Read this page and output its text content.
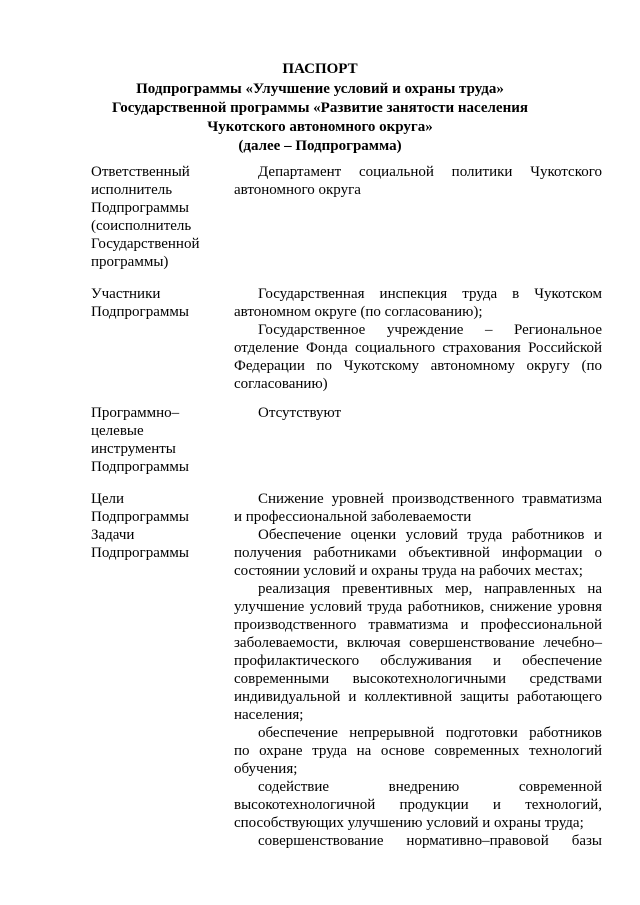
ПАСПОРТ
Подпрограммы «Улучшение условий и охраны труда»
Государственной программы «Развитие занятости населения
Чукотского автономного округа»
(далее – Подпрограмма)
Ответственный
исполнитель
Подпрограммы
(соисполнитель
Государственной
программы)
Департамент социальной политики Чукотского
автономного округа
Участники
Подпрограммы
Государственная инспекция труда в Чукотском
автономном округе (по согласованию);
Государственное учреждение – Региональное
отделение Фонда социального страхования Российской
Федерации по Чукотскому автономному округу (по
согласованию)
Программно–
целевые
инструменты
Подпрограммы
Отсутствуют
Цели
Подпрограммы
Задачи
Подпрограммы
Снижение уровней производственного травматизма
и профессиональной заболеваемости
Обеспечение оценки условий труда работников и
получения работниками объективной информации о
состоянии условий и охраны труда на рабочих местах;
реализация превентивных мер, направленных на
улучшение условий труда работников, снижение уровня
производственного травматизма и профессиональной
заболеваемости, включая совершенствование лечебно–
профилактического обслуживания и обеспечение
современными высокотехнологичными средствами
индивидуальной и коллективной защиты работающего
населения;
обеспечение непрерывной подготовки работников
по охране труда на основе современных технологий
обучения;
содействие внедрению современной
высокотехнологичной продукции и технологий,
способствующих улучшению условий и охраны труда;
совершенствование нормативно–правовой базы
